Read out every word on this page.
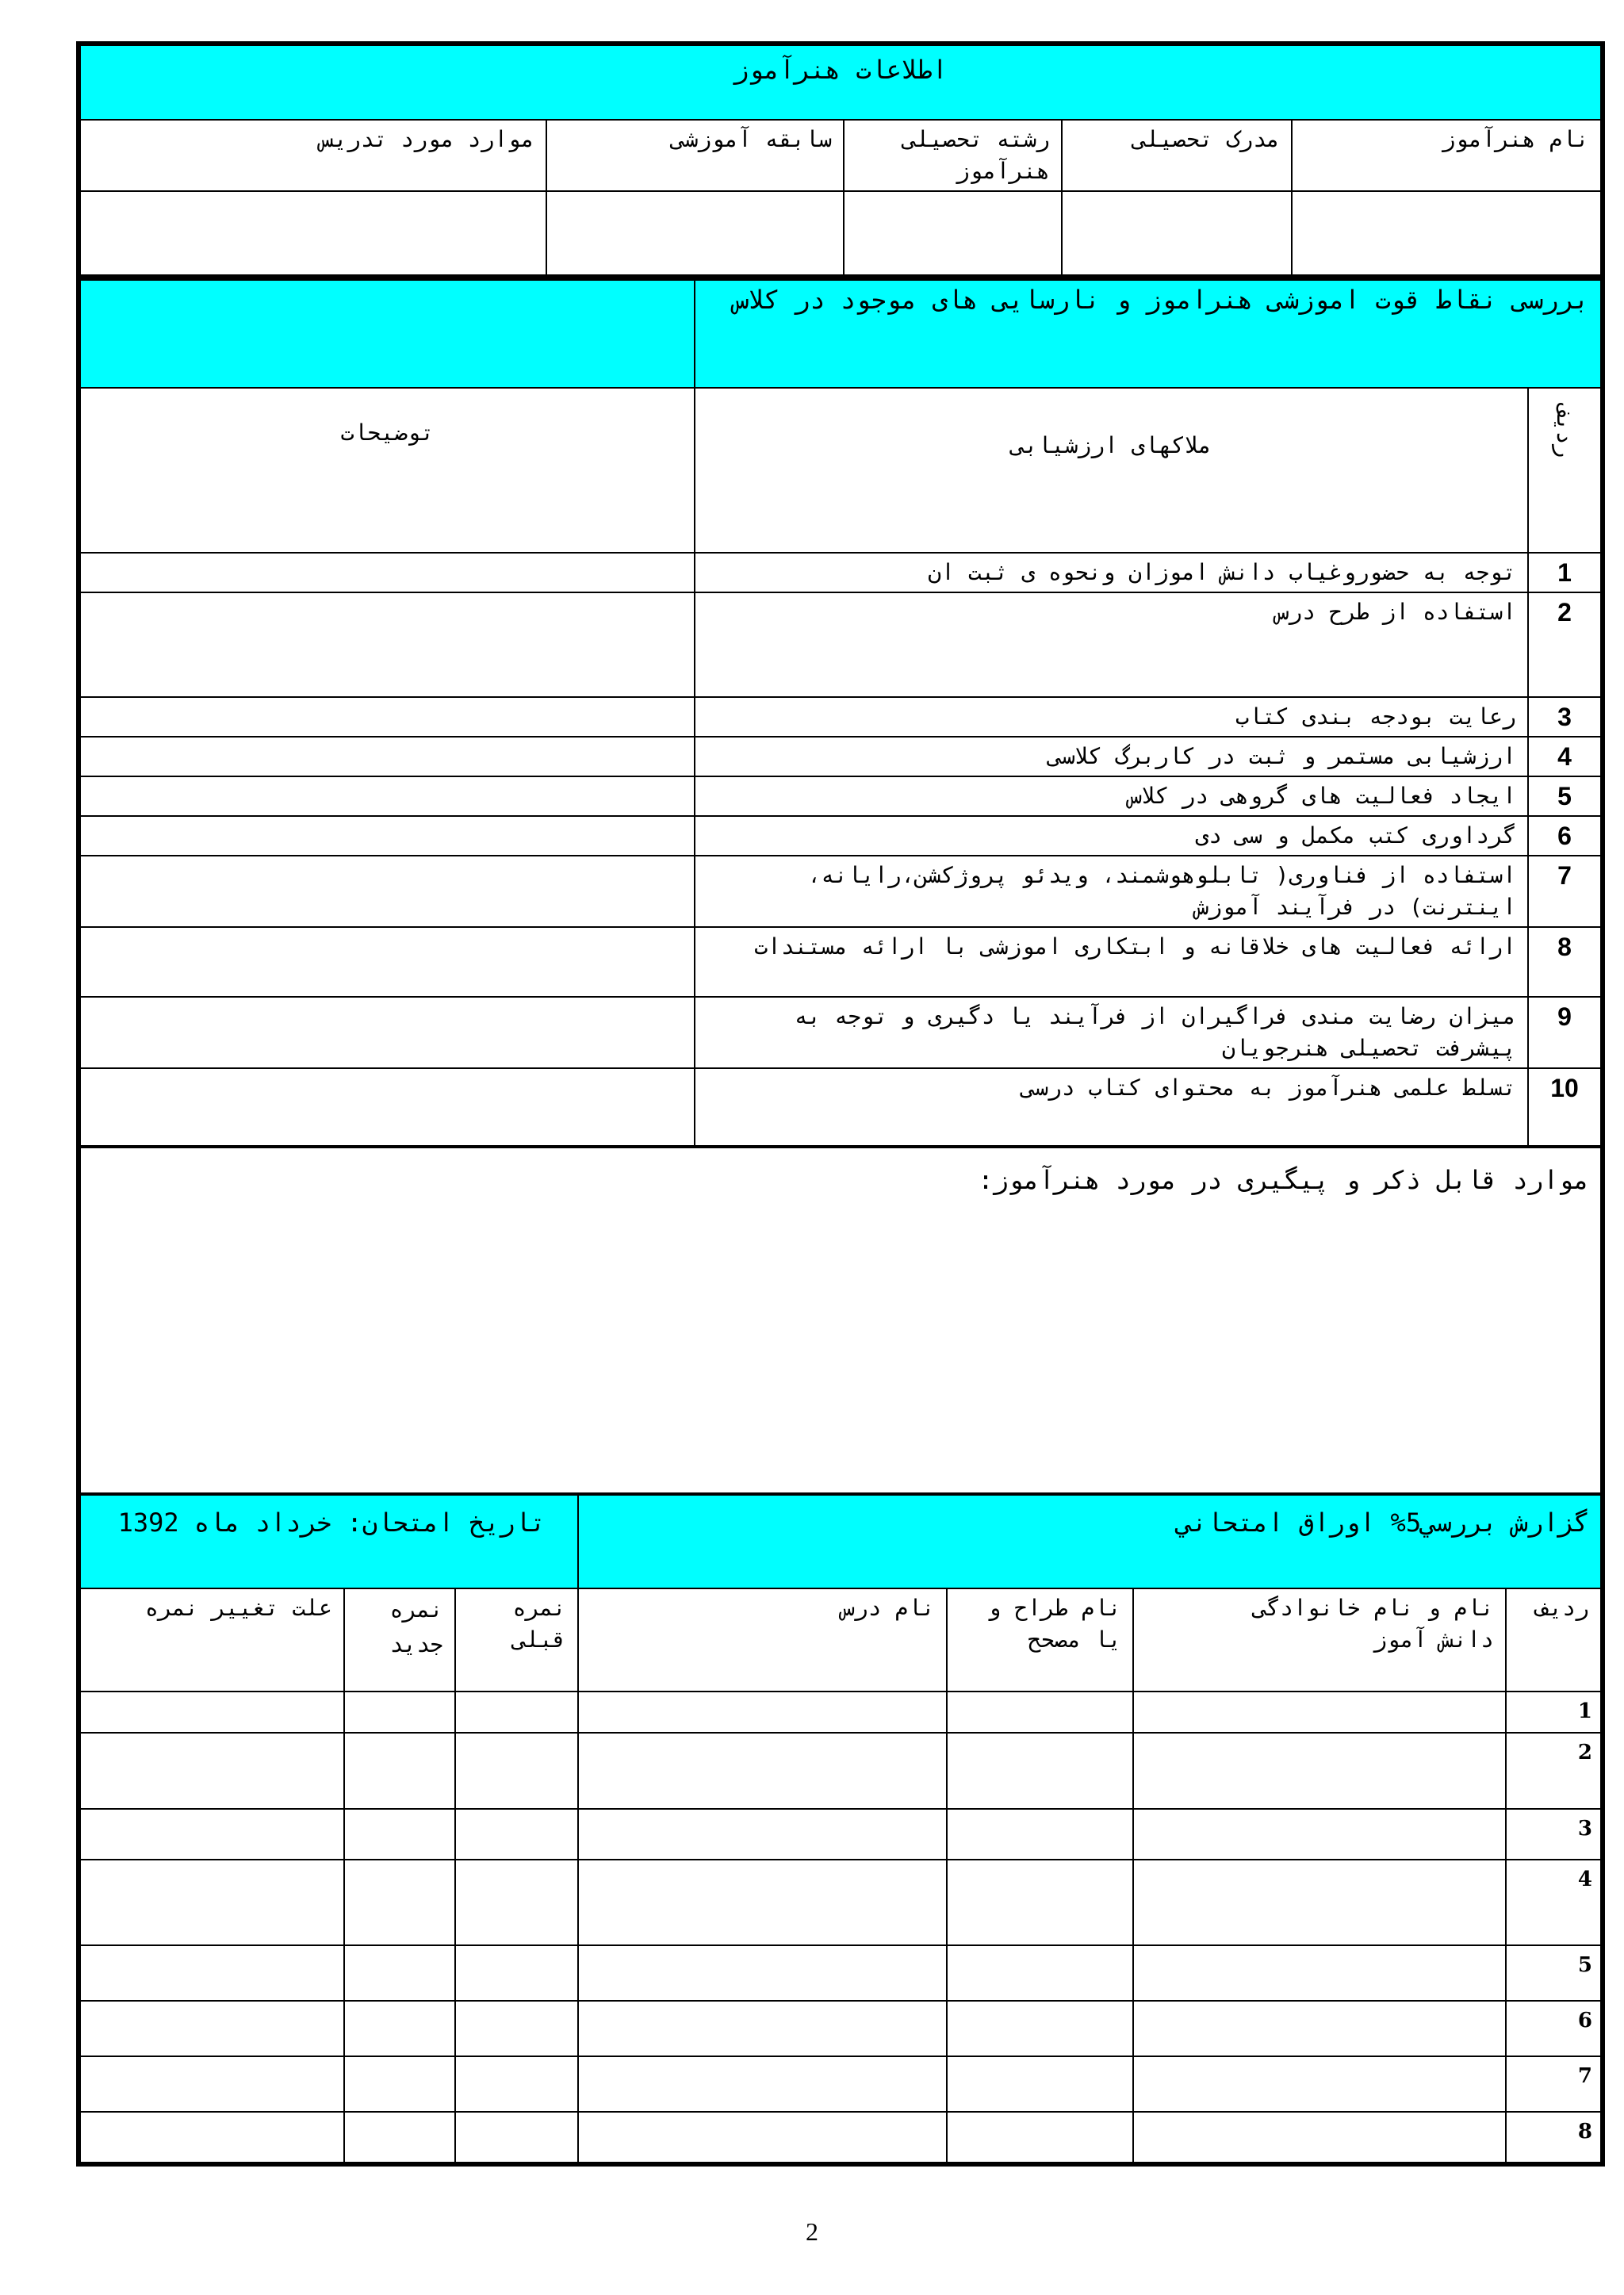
اطلاعات هنرآموز				
نام هنرآموز	مدرک تحصیلی	رشته تحصیلی هنرآموز	سابقه آموزشی	موارد مورد تدریس

بررسی نقاط قوت اموزشی هنراموز و نارسایی های موجود در کلاس		
ردیف	ملاکهای ارزشیابی	توضیحات
1	توجه به حضوروغیاب دانش اموزان ونحوه ی ثبت ان	
2	استفاده از طرح درس	

3	رعایت بودجه بندی کتاب	
4	ارزشیابی مستمر و ثبت در کاربرگ کلاسی	
5	ایجاد فعالیت های گروهی در کلاس	
6	گرداوری کتب مکمل و سی دی	
7	استفاده از فناوری( تابلوهوشمند، ویدئو پروژکشن،رایانه، اینترنت) در فرآیند آموزش	
8	ارائه فعالیت های خلاقانه و ابتکاری اموزشی با ارائه مستندات	
9	میزان رضایت مندی فراگیران از فرآیند یا دگیری و توجه به پیشرفت تحصیلی هنرجویان	
10	تسلط علمی هنرآموز به محتوای کتاب درسی	
موارد قابل ذکر و پیگیری در مورد هنرآموز:
گزارش بررسي5% اوراق امتحاني				تاریخ امتحان: خرداد ماه 1392		
ردیف	نام و نام خانوادگی دانش آموز	نام طراح و یا مصحح	نام درس	نمره قبلی	نمره جدید	علت تغییر نمره
1						
2						
3						
4						
5						
6						
7						
8						
2
